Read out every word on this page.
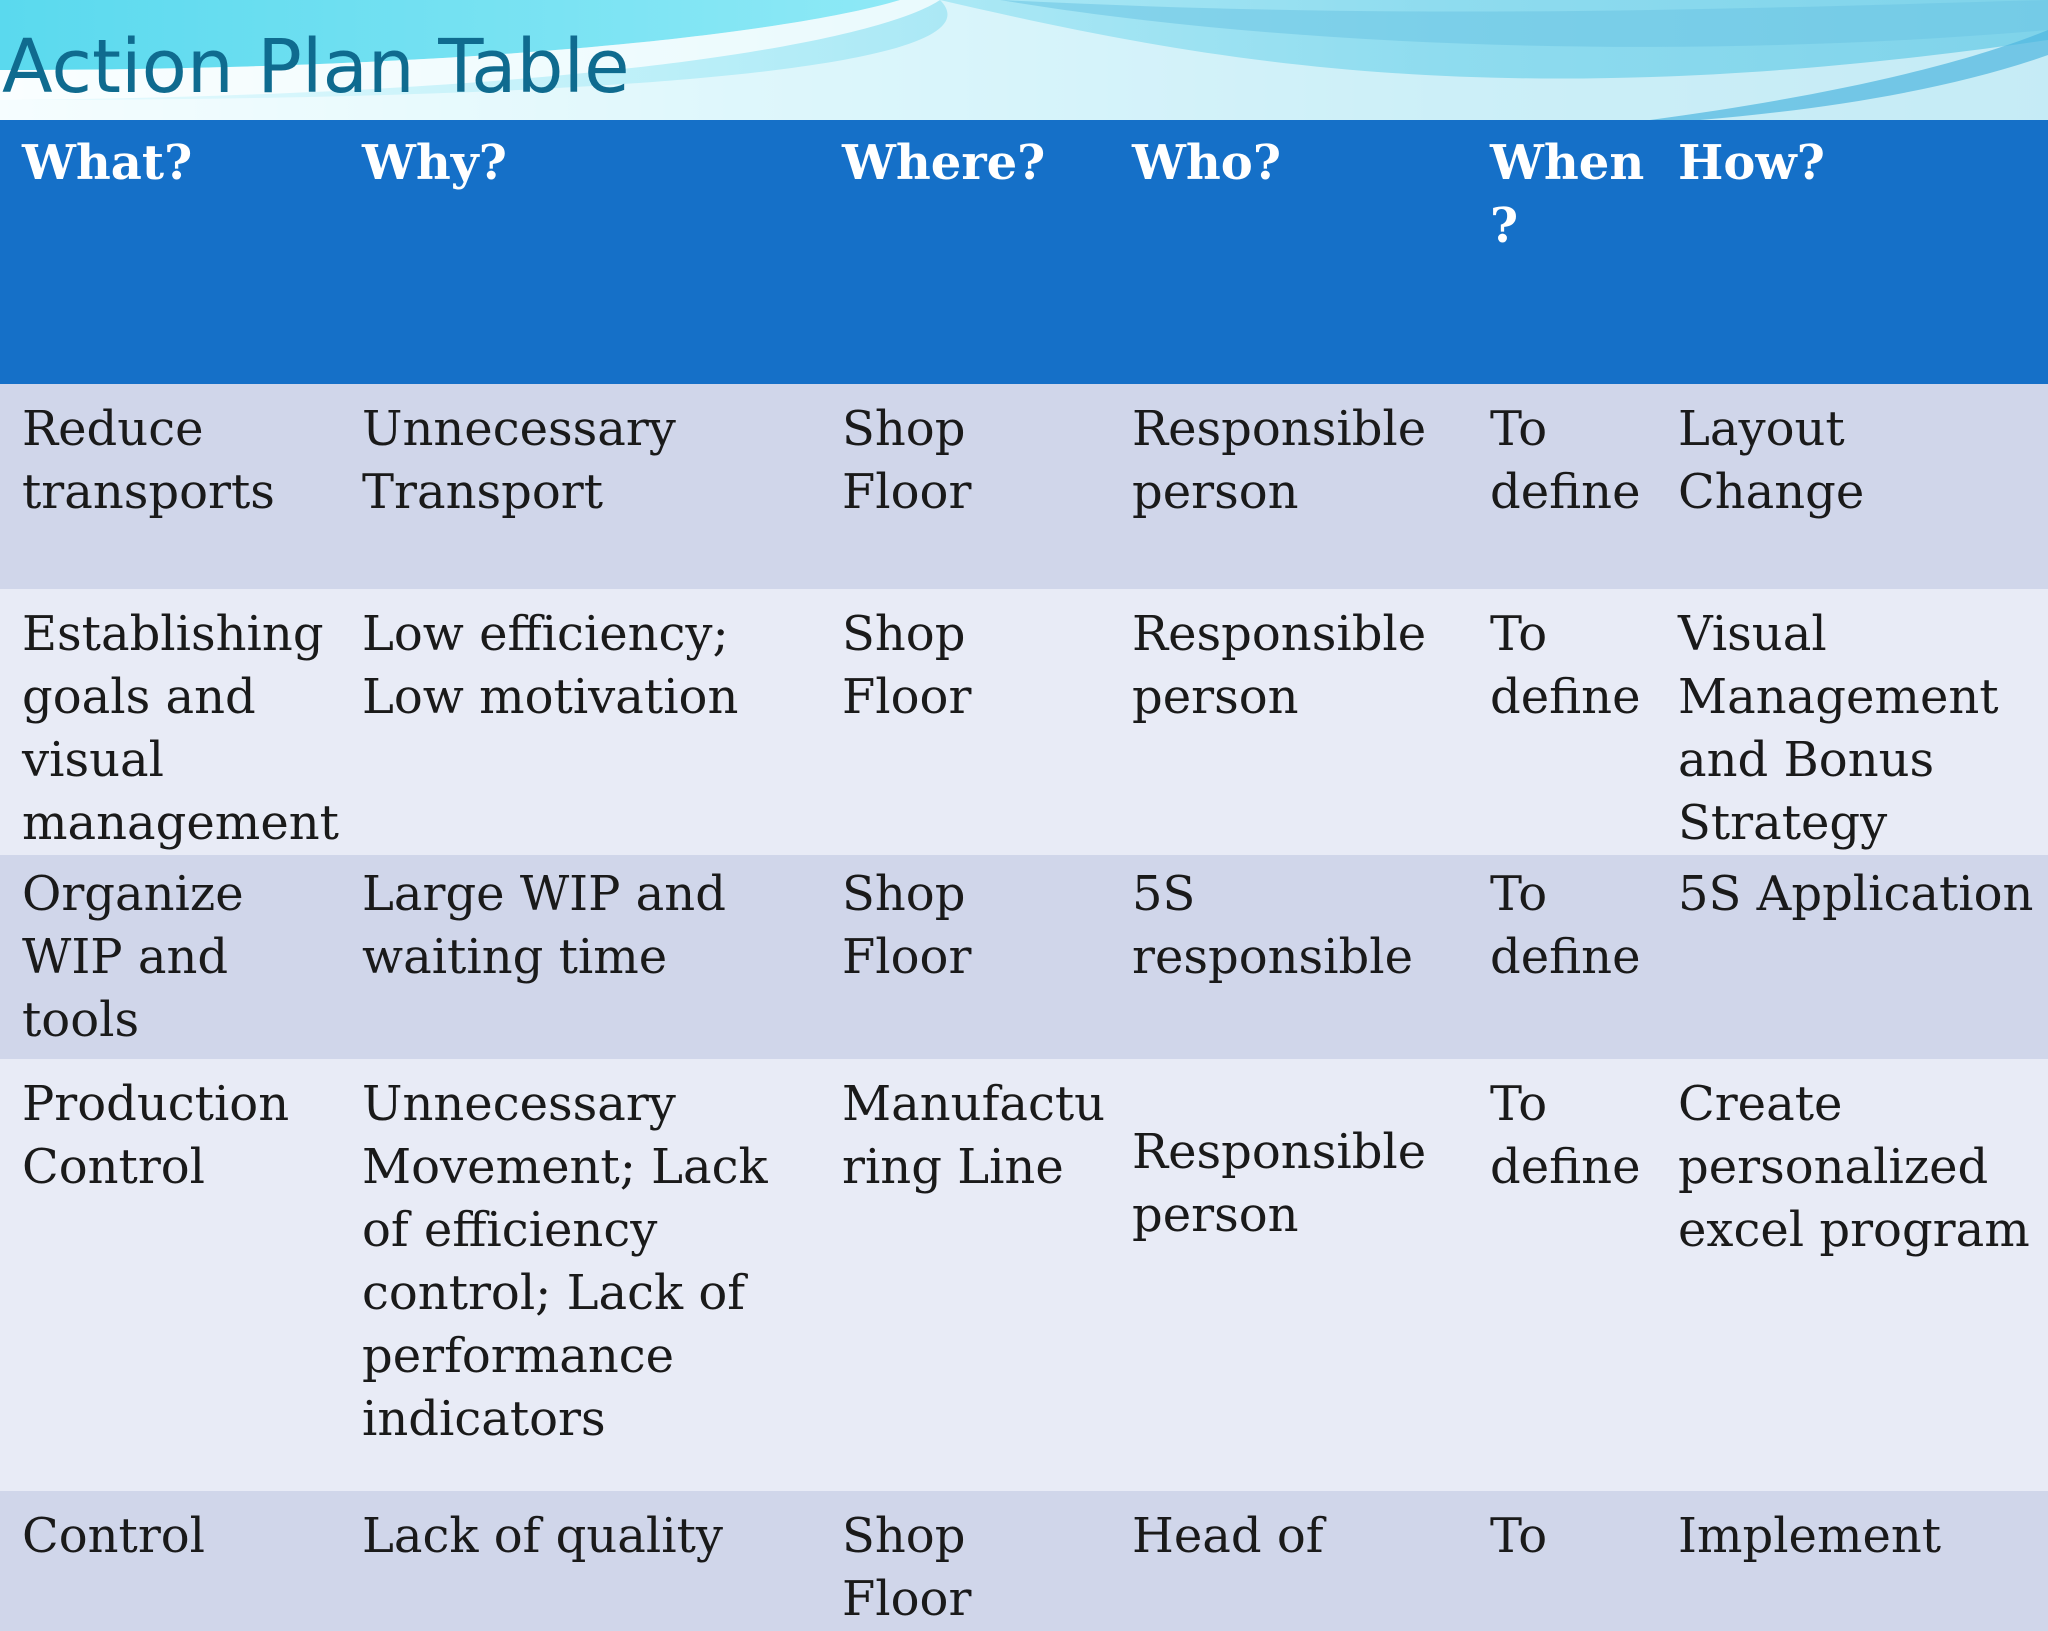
Action Plan Table
What?	Why?	Where?	Who?	When ?	How?
Reduce transports	Unnecessary Transport	Shop Floor	Responsible person	To define	Layout Change
Establishing goals and visual management	Low efficiency; Low motivation	Shop Floor	Responsible person	To define	Visual Management and Bonus Strategy
Organize WIP and tools	Large WIP and waiting time	Shop Floor	5S responsible	To define	5S Application
Production Control	Unnecessary Movement; Lack of efficiency control; Lack of performance indicators	Manufactu ring Line	Responsible person	To define	Create personalized excel program
Control	Lack of quality	Shop Floor	Head of	To	Implement
